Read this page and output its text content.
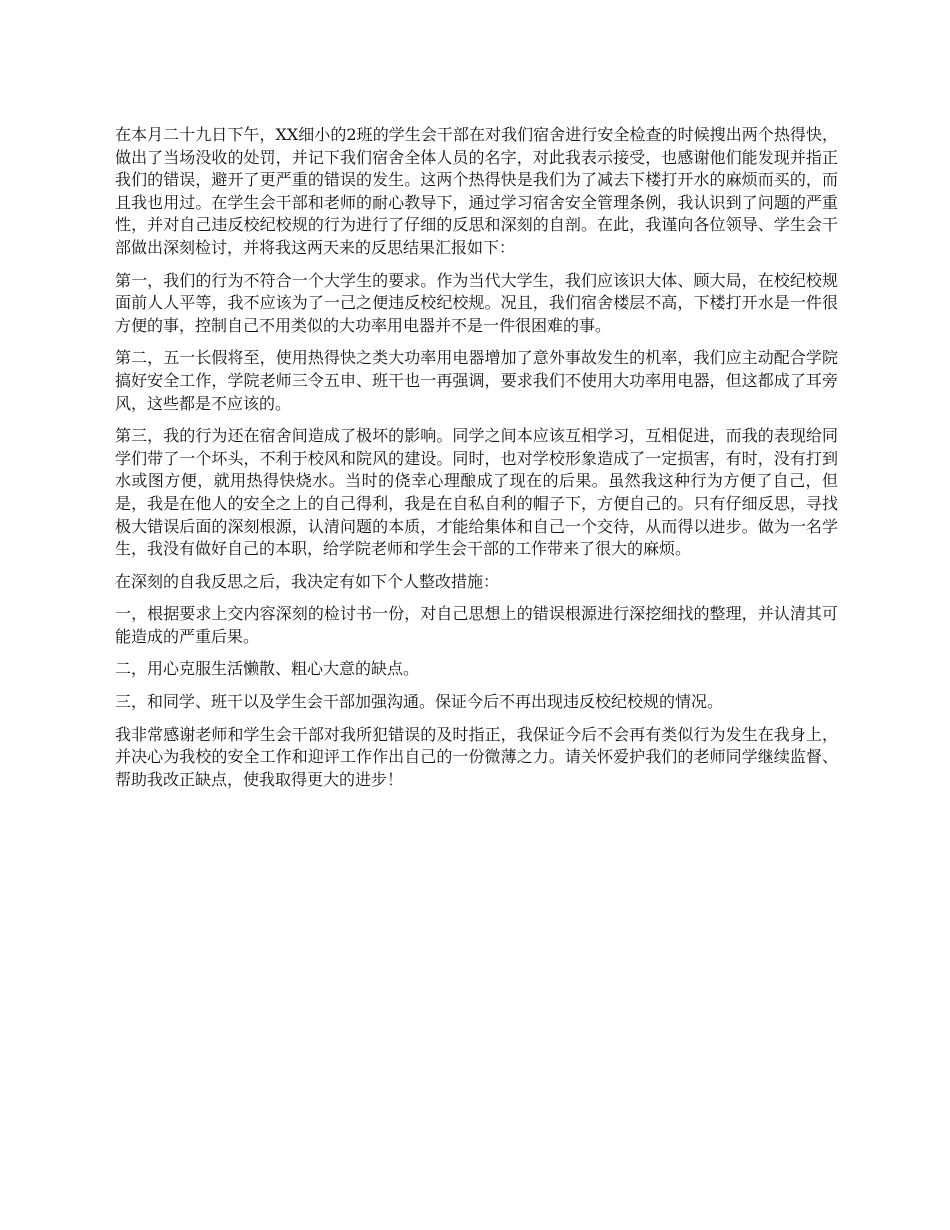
在本月二十九日下午，XX细小的2班的学生会干部在对我们宿舍进行安全检查的时候搜出两个热得快，做出了当场没收的处罚，并记下我们宿舍全体人员的名字，对此我表示接受，也感谢他们能发现并指正我们的错误，避开了更严重的错误的发生。这两个热得快是我们为了减去下楼打开水的麻烦而买的，而且我也用过。在学生会干部和老师的耐心教导下，通过学习宿舍安全管理条例，我认识到了问题的严重性，并对自己违反校纪校规的行为进行了仔细的反思和深刻的自剖。在此，我谨向各位领导、学生会干部做出深刻检讨，并将我这两天来的反思结果汇报如下：

第一，我们的行为不符合一个大学生的要求。作为当代大学生，我们应该识大体、顾大局，在校纪校规面前人人平等，我不应该为了一己之便违反校纪校规。况且，我们宿舍楼层不高，下楼打开水是一件很方便的事，控制自己不用类似的大功率用电器并不是一件很困难的事。

第二，五一长假将至，使用热得快之类大功率用电器增加了意外事故发生的机率，我们应主动配合学院搞好安全工作，学院老师三令五申、班干也一再强调，要求我们不使用大功率用电器，但这都成了耳旁风，这些都是不应该的。

第三，我的行为还在宿舍间造成了极坏的影响。同学之间本应该互相学习，互相促进，而我的表现给同学们带了一个坏头，不利于校风和院风的建设。同时，也对学校形象造成了一定损害，有时，没有打到水或图方便，就用热得快烧水。当时的侥幸心理酿成了现在的后果。虽然我这种行为方便了自己，但是，我是在他人的安全之上的自己得利，我是在自私自利的帽子下，方便自己的。只有仔细反思，寻找极大错误后面的深刻根源，认清问题的本质，才能给集体和自己一个交待，从而得以进步。做为一名学生，我没有做好自己的本职，给学院老师和学生会干部的工作带来了很大的麻烦。

在深刻的自我反思之后，我决定有如下个人整改措施：

一，根据要求上交内容深刻的检讨书一份，对自己思想上的错误根源进行深挖细找的整理，并认清其可能造成的严重后果。

二，用心克服生活懒散、粗心大意的缺点。

三，和同学、班干以及学生会干部加强沟通。保证今后不再出现违反校纪校规的情况。

我非常感谢老师和学生会干部对我所犯错误的及时指正，我保证今后不会再有类似行为发生在我身上，并决心为我校的安全工作和迎评工作作出自己的一份微薄之力。请关怀爱护我们的老师同学继续监督、帮助我改正缺点，使我取得更大的进步！
